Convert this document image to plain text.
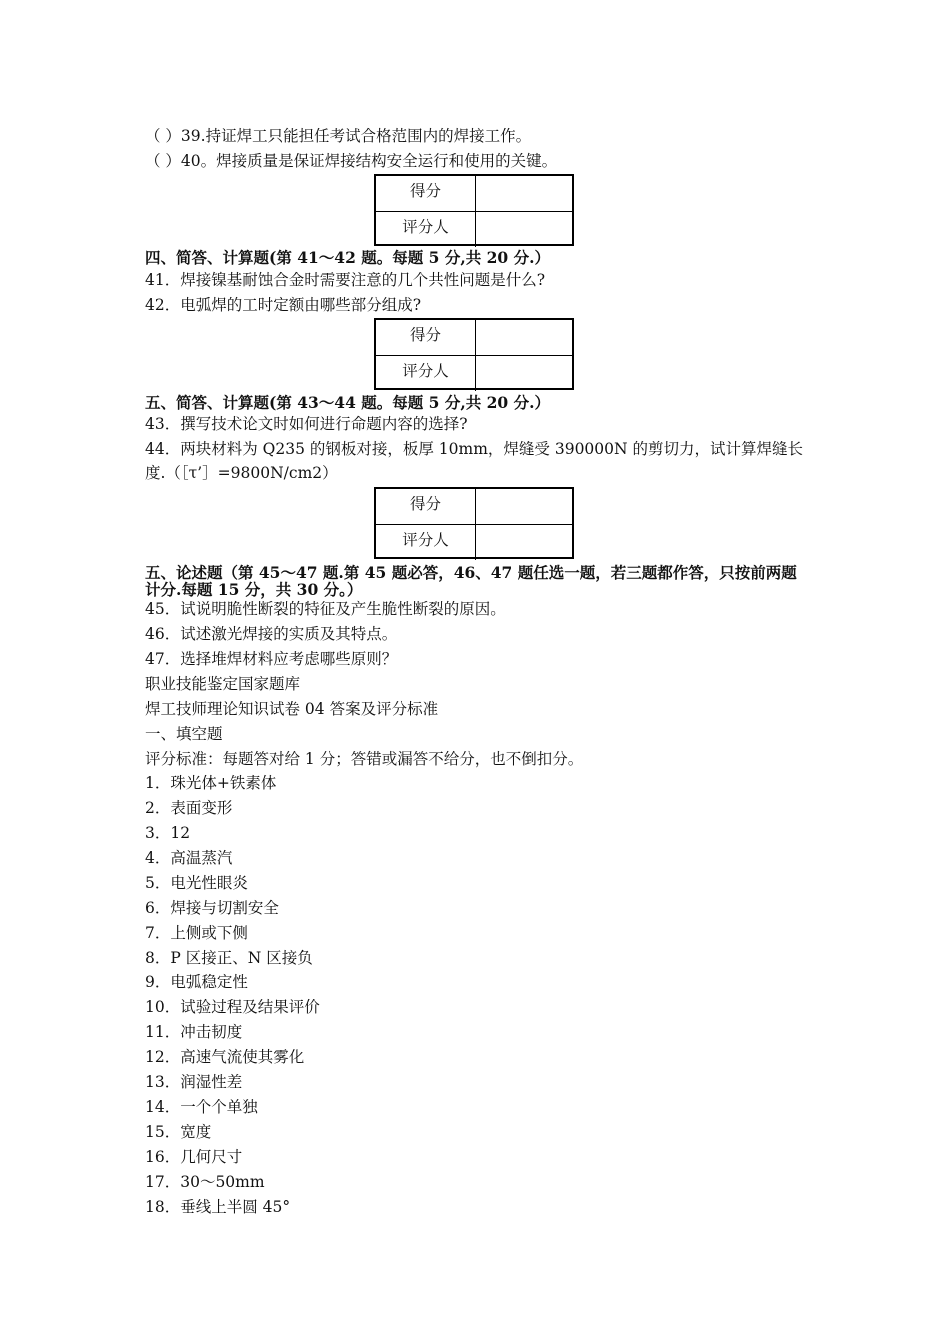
（ ）39.持证焊工只能担任考试合格范围内的焊接工作。
（ ）40。焊接质量是保证焊接结构安全运行和使用的关键。
得分
评分人
四、简答、计算题(第 41～42 题。每题 5 分,共 20 分.）
41．焊接镍基耐蚀合金时需要注意的几个共性问题是什么?
42．电弧焊的工时定额由哪些部分组成?
得分
评分人
五、简答、计算题(第 43～44 题。每题 5 分,共 20 分.）
43．撰写技术论文时如何进行命题内容的选择?
44．两块材料为 Q235 的钢板对接，板厚 10mm，焊缝受 390000N 的剪切力，试计算焊缝长
度.（［τ’］=9800N/cm2）
得分
评分人
五、论述题（第 45～47 题.第 45 题必答，46、47 题任选一题，若三题都作答，只按前两题
计分.每题 15 分，共 30 分。）
45．试说明脆性断裂的特征及产生脆性断裂的原因。
46．试述激光焊接的实质及其特点。
47．选择堆焊材料应考虑哪些原则？
职业技能鉴定国家题库
焊工技师理论知识试卷 04 答案及评分标准
一、填空题
评分标准：每题答对给 1 分；答错或漏答不给分，也不倒扣分。
1．珠光体+铁素体
2．表面变形
3．12
4．高温蒸汽
5．电光性眼炎
6．焊接与切割安全
7．上侧或下侧
8．P 区接正、N 区接负
9．电弧稳定性
10．试验过程及结果评价
11．冲击韧度
12．高速气流使其雾化
13．润湿性差
14．一个个单独
15．宽度
16．几何尺寸
17．30～50mm
18．垂线上半圆 45°
